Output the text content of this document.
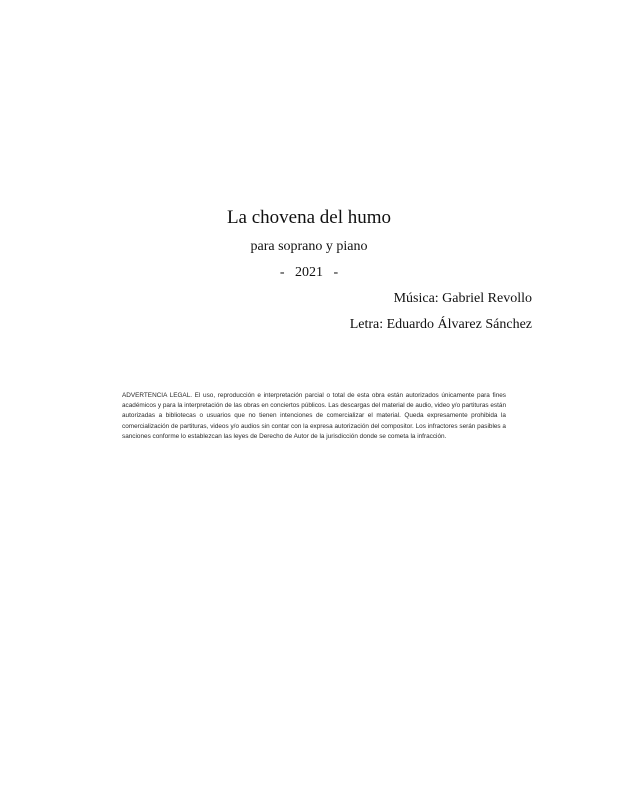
La chovena del humo
para soprano y piano
-   2021   -
Música: Gabriel Revollo
Letra: Eduardo Álvarez Sánchez
ADVERTENCIA LEGAL. El uso, reproducción e interpretación parcial o total de esta obra están autorizados únicamente para fines académicos y para la interpretación de las obras en conciertos públicos. Las descargas del material de audio, video y/o partituras están autorizadas a bibliotecas o usuarios que no tienen intenciones de comercializar el material. Queda expresamente prohibida la comercialización de partituras, videos y/o audios sin contar con la expresa autorización del compositor. Los infractores serán pasibles a sanciones conforme lo establezcan las leyes de Derecho de Autor de la jurisdicción donde se cometa la infracción.
